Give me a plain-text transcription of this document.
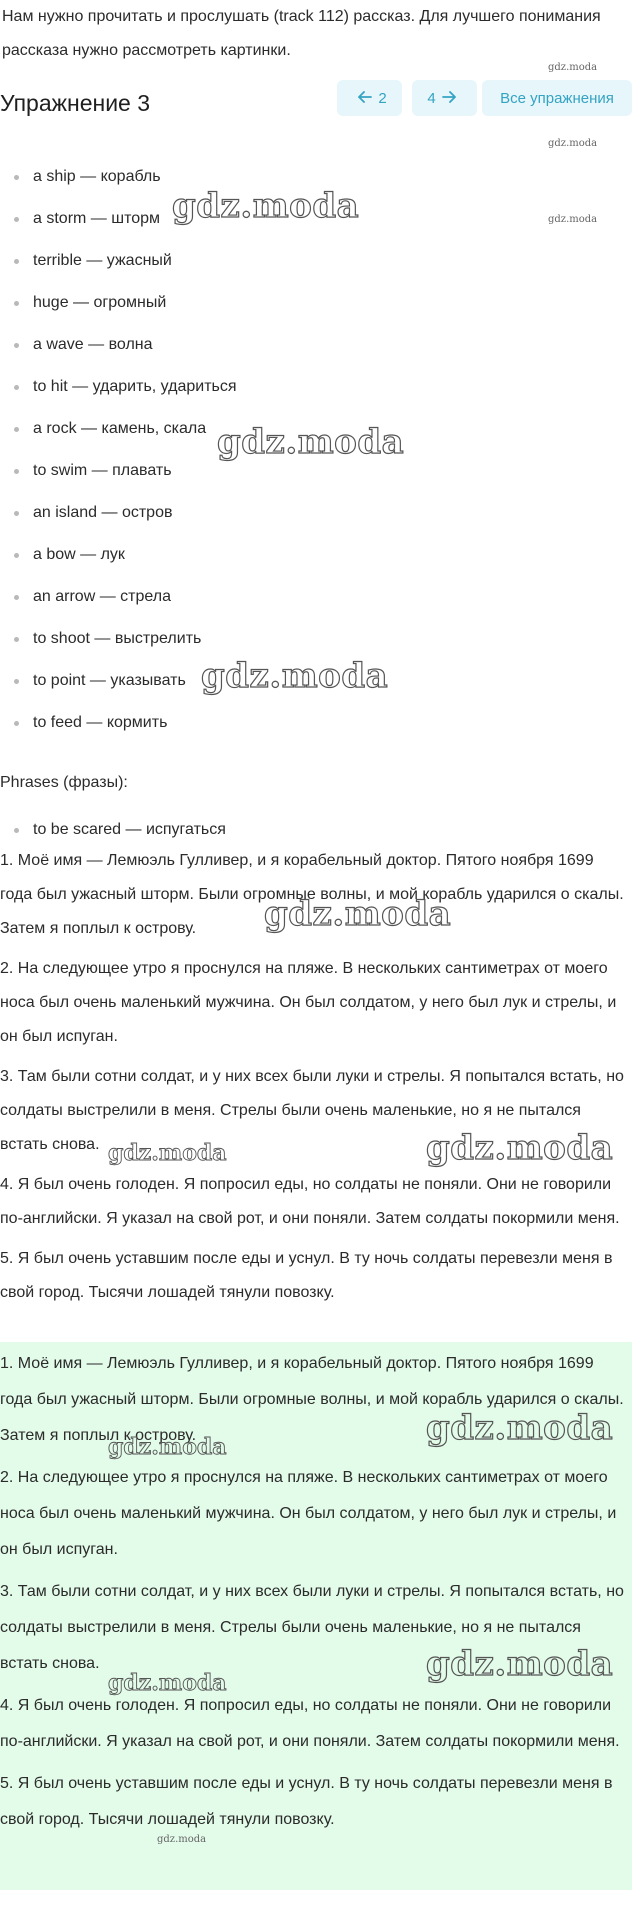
Нам нужно прочитать и прослушать (track 112) рассказ. Для лучшего понимания рассказа нужно рассмотреть картинки.

Упражнение 3	2	4	Все упражнения
a ship — корабль
a storm — шторм
terrible — ужасный
huge — огромный
a wave — волна
to hit — ударить, удариться
a rock — камень, скала
to swim — плавать
an island — остров
a bow — лук
an arrow — стрела
to shoot — выстрелить
to point — указывать
to feed — кормить

Phrases (фразы):

to be scared — испугаться

1. Моё имя — Лемюэль Гулливер, и я корабельный доктор. Пятого ноября 1699 года был ужасный шторм. Были огромные волны, и мой корабль ударился о скалы. Затем я поплыл к острову.

2. На следующее утро я проснулся на пляже. В нескольких сантиметрах от моего носа был очень маленький мужчина. Он был солдатом, у него был лук и стрелы, и он был испуган.

3. Там были сотни солдат, и у них всех были луки и стрелы. Я попытался встать, но солдаты выстрелили в меня. Стрелы были очень маленькие, но я не пытался встать снова.

4. Я был очень голоден. Я попросил еды, но солдаты не поняли. Они не говорили по-английски. Я указал на свой рот, и они поняли. Затем солдаты покормили меня.

5. Я был очень уставшим после еды и уснул. В ту ночь солдаты перевезли меня в свой город. Тысячи лошадей тянули повозку.

1. Моё имя — Лемюэль Гулливер, и я корабельный доктор. Пятого ноября 1699 года был ужасный шторм. Были огромные волны, и мой корабль ударился о скалы. Затем я поплыл к острову.

2. На следующее утро я проснулся на пляже. В нескольких сантиметрах от моего носа был очень маленький мужчина. Он был солдатом, у него был лук и стрелы, и он был испуган.

3. Там были сотни солдат, и у них всех были луки и стрелы. Я попытался встать, но солдаты выстрелили в меня. Стрелы были очень маленькие, но я не пытался встать снова.

4. Я был очень голоден. Я попросил еды, но солдаты не поняли. Они не говорили по-английски. Я указал на свой рот, и они поняли. Затем солдаты покормили меня.

5. Я был очень уставшим после еды и уснул. В ту ночь солдаты перевезли меня в свой город. Тысячи лошадей тянули повозку.

gdz.moda
gdz.moda
gdz.moda
gdz.moda
gdz.moda
gdz.moda
gdz.moda
gdz.moda
gdz.moda
gdz.moda
